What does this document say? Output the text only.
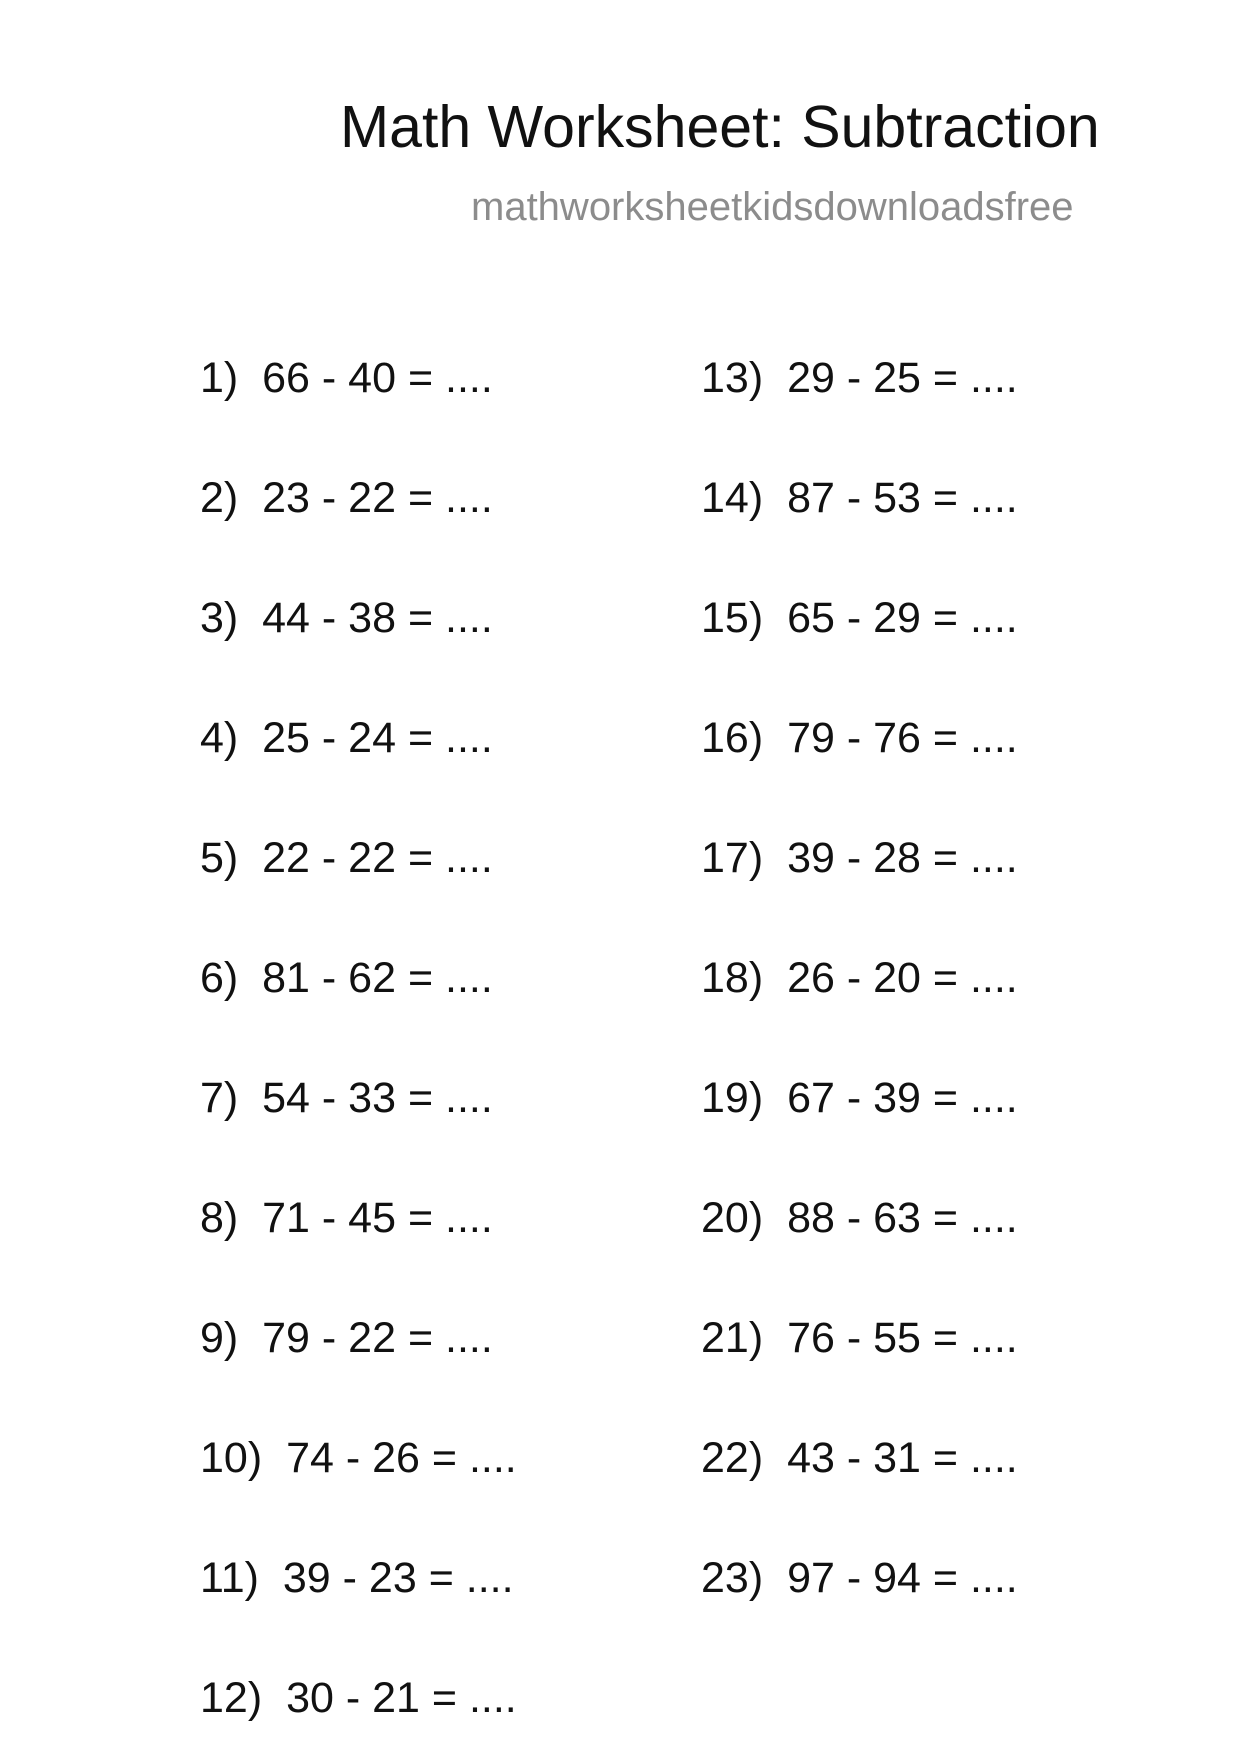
Math Worksheet: Subtraction
mathworksheetkidsdownloadsfree
1) 66 - 40 = ....
2) 23 - 22 = ....
3) 44 - 38 = ....
4) 25 - 24 = ....
5) 22 - 22 = ....
6) 81 - 62 = ....
7) 54 - 33 = ....
8) 71 - 45 = ....
9) 79 - 22 = ....
10) 74 - 26 = ....
11) 39 - 23 = ....
12) 30 - 21 = ....
13) 29 - 25 = ....
14) 87 - 53 = ....
15) 65 - 29 = ....
16) 79 - 76 = ....
17) 39 - 28 = ....
18) 26 - 20 = ....
19) 67 - 39 = ....
20) 88 - 63 = ....
21) 76 - 55 = ....
22) 43 - 31 = ....
23) 97 - 94 = ....
